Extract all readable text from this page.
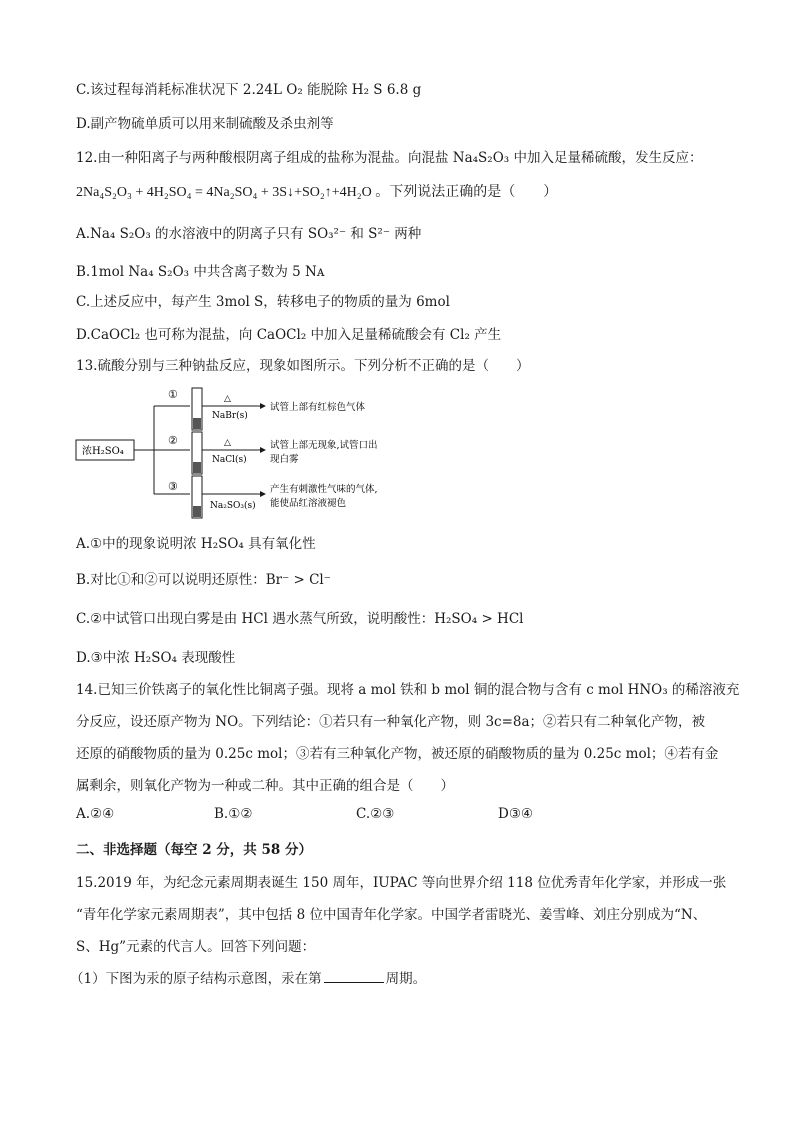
C.该过程每消耗标准状况下 2.24L O₂ 能脱除 H₂ S 6.8 g
D.副产物硫单质可以用来制硫酸及杀虫剂等
12.由一种阳离子与两种酸根阴离子组成的盐称为混盐。向混盐 Na₄S₂O₃ 中加入足量稀硫酸，发生反应：
2Na₄S₂O₃ + 4H₂SO₄ = 4Na₂SO₄ + 3S↓+SO₂↑+4H₂O 。下列说法正确的是（　　）
A.Na₄ S₂O₃ 的水溶液中的阴离子只有 SO₃²⁻ 和 S²⁻ 两种
B.1mol Na₄ S₂O₃ 中共含离子数为 5 Nᴀ
C.上述反应中，每产生 3mol S，转移电子的物质的量为 6mol
D.CaOCl₂ 也可称为混盐，向 CaOCl₂ 中加入足量稀硫酸会有 Cl₂ 产生
13.硫酸分别与三种钠盐反应，现象如图所示。下列分析不正确的是（　　）
浓H₂SO₄
①	△
NaBr(s)
试管上部有红棕色气体
②	△
NaCl(s)
试管上部无现象,试管口出
现白雾
③
Na₂SO₃(s)
产生有刺激性气味的气体,
能使品红溶液褪色
A.①中的现象说明浓 H₂SO₄ 具有氧化性
B.对比①和②可以说明还原性：Br⁻ > Cl⁻
C.②中试管口出现白雾是由 HCl 遇水蒸气所致，说明酸性：H₂SO₄ > HCl
D.③中浓 H₂SO₄ 表现酸性
14.已知三价铁离子的氧化性比铜离子强。现将 a mol 铁和 b mol 铜的混合物与含有 c mol HNO₃ 的稀溶液充
分反应，设还原产物为 NO。下列结论：①若只有一种氧化产物，则 3c=8a；②若只有二种氧化产物，被
还原的硝酸物质的量为 0.25c mol；③若有三种氧化产物，被还原的硝酸物质的量为 0.25c mol；④若有金
属剩余，则氧化产物为一种或二种。其中正确的组合是（　　）
A.②④	B.①②	C.②③	D③④
二、非选择题（每空 2 分，共 58 分）
15.2019 年，为纪念元素周期表诞生 150 周年，IUPAC 等向世界介绍 118 位优秀青年化学家，并形成一张
“青年化学家元素周期表”，其中包括 8 位中国青年化学家。中国学者雷晓光、姜雪峰、刘庄分别成为“N、
S、Hg”元素的代言人。回答下列问题：
（1）下图为汞的原子结构示意图，汞在第	周期。
